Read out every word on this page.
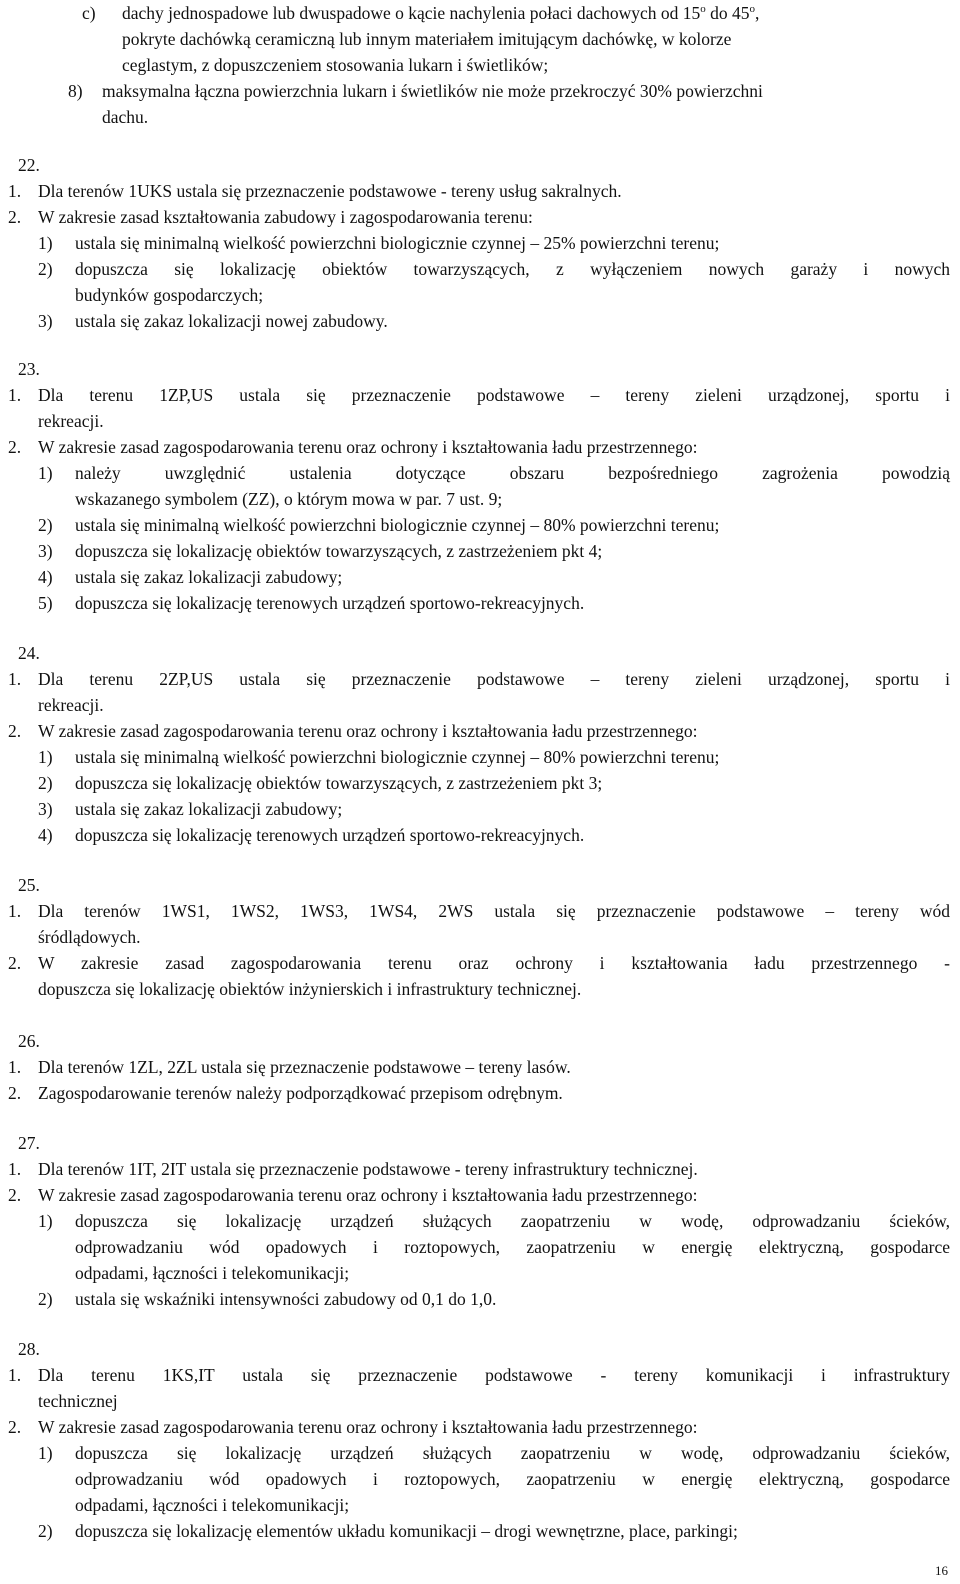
c) dachy jednospadowe lub dwuspadowe o kącie nachylenia połaci dachowych od 15$^o$ do 45$^o$,
pokryte dachówką ceramiczną lub innym materiałem imitującym dachówkę, w kolorze
ceglastym, z dopuszczeniem stosowania lukarn i świetlików;
8) maksymalna łączna powierzchnia lukarn i świetlików nie może przekroczyć 30% powierzchni
dachu.
22.
1. Dla terenów 1UKS ustala się przeznaczenie podstawowe - tereny usług sakralnych.
2. W zakresie zasad kształtowania zabudowy i zagospodarowania terenu:
1) ustala się minimalną wielkość powierzchni biologicznie czynnej – 25% powierzchni terenu;
2) dopuszcza się lokalizację obiektów towarzyszących, z wyłączeniem nowych garaży i nowych
budynków gospodarczych;
3) ustala się zakaz lokalizacji nowej zabudowy.
23.
1. Dla terenu 1ZP,US ustala się przeznaczenie podstawowe – tereny zieleni urządzonej, sportu i
rekreacji.
2. W zakresie zasad zagospodarowania terenu oraz ochrony i kształtowania ładu przestrzennego:
1) należy uwzględnić ustalenia dotyczące obszaru bezpośredniego zagrożenia powodzią
wskazanego symbolem (ZZ), o którym mowa w par. 7 ust. 9;
2) ustala się minimalną wielkość powierzchni biologicznie czynnej – 80% powierzchni terenu;
3) dopuszcza się lokalizację obiektów towarzyszących, z zastrzeżeniem pkt 4;
4) ustala się zakaz lokalizacji zabudowy;
5) dopuszcza się lokalizację terenowych urządzeń sportowo-rekreacyjnych.
24.
1. Dla terenu 2ZP,US ustala się przeznaczenie podstawowe – tereny zieleni urządzonej, sportu i
rekreacji.
2. W zakresie zasad zagospodarowania terenu oraz ochrony i kształtowania ładu przestrzennego:
1) ustala się minimalną wielkość powierzchni biologicznie czynnej – 80% powierzchni terenu;
2) dopuszcza się lokalizację obiektów towarzyszących, z zastrzeżeniem pkt 3;
3) ustala się zakaz lokalizacji zabudowy;
4) dopuszcza się lokalizację terenowych urządzeń sportowo-rekreacyjnych.
25.
1. Dla terenów 1WS1, 1WS2, 1WS3, 1WS4, 2WS ustala się przeznaczenie podstawowe – tereny wód
śródlądowych.
2. W zakresie zasad zagospodarowania terenu oraz ochrony i kształtowania ładu przestrzennego -
dopuszcza się lokalizację obiektów inżynierskich i infrastruktury technicznej.
26.
1. Dla terenów 1ZL, 2ZL ustala się przeznaczenie podstawowe – tereny lasów.
2. Zagospodarowanie terenów należy podporządkować przepisom odrębnym.
27.
1. Dla terenów 1IT, 2IT ustala się przeznaczenie podstawowe - tereny infrastruktury technicznej.
2. W zakresie zasad zagospodarowania terenu oraz ochrony i kształtowania ładu przestrzennego:
1) dopuszcza się lokalizację urządzeń służących zaopatrzeniu w wodę, odprowadzaniu ścieków,
odprowadzaniu wód opadowych i roztopowych, zaopatrzeniu w energię elektryczną, gospodarce
odpadami, łączności i telekomunikacji;
2) ustala się wskaźniki intensywności zabudowy od 0,1 do 1,0.
28.
1. Dla terenu 1KS,IT ustala się przeznaczenie podstawowe - tereny komunikacji i infrastruktury
technicznej
2. W zakresie zasad zagospodarowania terenu oraz ochrony i kształtowania ładu przestrzennego:
1) dopuszcza się lokalizację urządzeń służących zaopatrzeniu w wodę, odprowadzaniu ścieków,
odprowadzaniu wód opadowych i roztopowych, zaopatrzeniu w energię elektryczną, gospodarce
odpadami, łączności i telekomunikacji;
2) dopuszcza się lokalizację elementów układu komunikacji – drogi wewnętrzne, place, parkingi;
16
